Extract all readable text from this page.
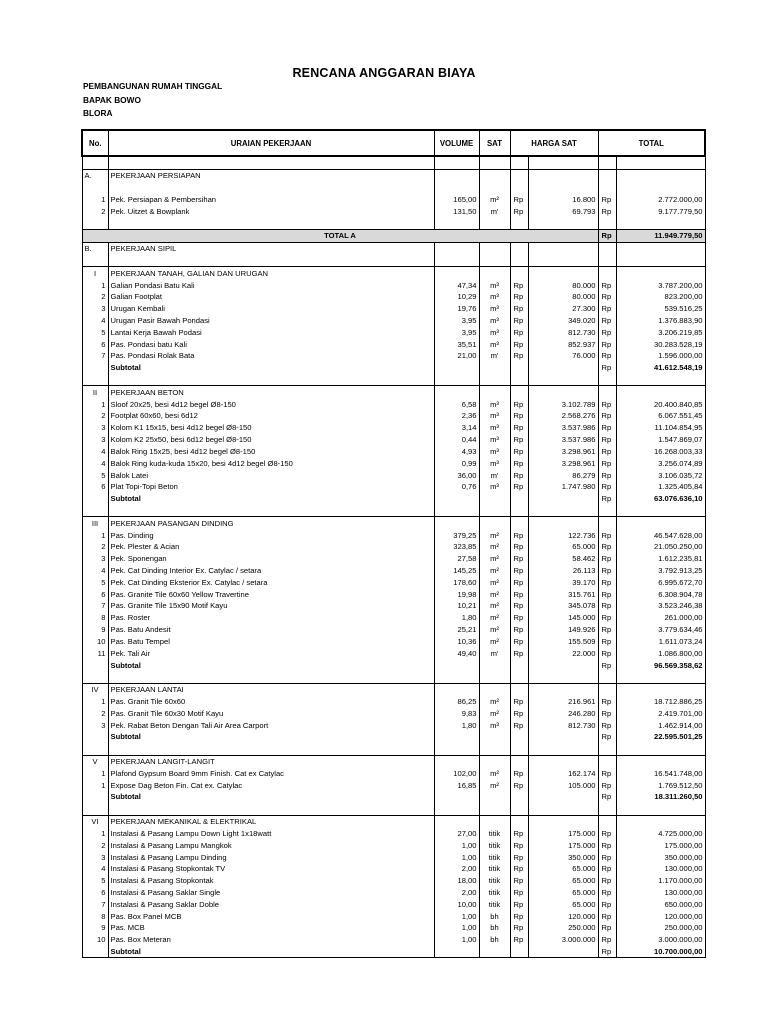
RENCANA ANGGARAN BIAYA
PEMBANGUNAN RUMAH TINGGAL
BAPAK BOWO
BLORA
No.	URAIAN PEKERJAAN	VOLUME	SAT	HARGA SAT		TOTAL	

A.	PEKERJAAN PERSIAPAN						

1	Pek. Persiapan & Pembersihan	165,00	m²	Rp	16.800	Rp	2.772.000,00
2	Pek. Uitzet & Bowplank	131,50	m'	Rp	69.793	Rp	9.177.779,50

TOTAL A						Rp	11.949.779,50
B.	PEKERJAAN SIPIL						

I	PEKERJAAN TANAH, GALIAN DAN URUGAN						
1	Galian Pondasi Batu Kali	47,34	m³	Rp	80.000	Rp	3.787.200,00
2	Galian Footplat	10,29	m³	Rp	80.000	Rp	823.200,00
3	Urugan Kembali	19,76	m³	Rp	27.300	Rp	539.516,25
4	Urugan Pasir Bawah Pondasi	3,95	m³	Rp	349.020	Rp	1.376.883,90
5	Lantai Kerja Bawah Podasi	3,95	m³	Rp	812.730	Rp	3.206.219,85
6	Pas. Pondasi batu Kali	35,51	m³	Rp	852.937	Rp	30.283.528,19
7	Pas. Pondasi Rolak Bata	21,00	m'	Rp	76.000	Rp	1.596.000,00
	Subtotal					Rp	41.612.548,19

II	PEKERJAAN BETON						
1	Sloof 20x25, besi 4d12 begel Ø8-150	6,58	m³	Rp	3.102.789	Rp	20.400.840,85
2	Footplat 60x60, besi 6d12	2,36	m³	Rp	2.568.276	Rp	6.067.551,45
3	Kolom K1 15x15, besi 4d12 begel Ø8-150	3,14	m³	Rp	3.537.986	Rp	11.104.854,95
3	Kolom K2 25x50, besi 6d12 begel Ø8-150	0,44	m³	Rp	3.537.986	Rp	1.547.869,07
4	Balok Ring 15x25, besi 4d12 begel Ø8-150	4,93	m³	Rp	3.298.961	Rp	16.268.003,33
4	Balok Ring kuda-kuda 15x20, besi 4d12 begel Ø8-150	0,99	m³	Rp	3.298.961	Rp	3.256.074,89
5	Balok Latei	36,00	m'	Rp	86.279	Rp	3.106.035,72
6	Plat Topi-Topi Beton	0,76	m³	Rp	1.747.980	Rp	1.325.405,84
	Subtotal					Rp	63.076.636,10

III	PEKERJAAN PASANGAN DINDING						
1	Pas. Dinding	379,25	m²	Rp	122.736	Rp	46.547.628,00
2	Pek. Plester & Acian	323,85	m²	Rp	65.000	Rp	21.050.250,00
3	Pek. Sponengan	27,58	m²	Rp	58.462	Rp	1.612.235,81
4	Pek. Cat Dinding Interior Ex. Catylac / setara	145,25	m²	Rp	26.113	Rp	3.792.913,25
5	Pek. Cat Dinding Eksterior Ex. Catylac / setara	178,60	m²	Rp	39.170	Rp	6.995.672,70
6	Pas. Granite Tile 60x60 Yellow Travertine	19,98	m²	Rp	315.761	Rp	6.308.904,78
7	Pas. Granite Tile 15x90 Motif Kayu	10,21	m²	Rp	345.078	Rp	3.523.246,38
8	Pas. Roster	1,80	m²	Rp	145.000	Rp	261.000,00
9	Pas. Batu Andesit	25,21	m²	Rp	149.926	Rp	3.779.634,46
10	Pas. Batu Tempel	10,36	m²	Rp	155.509	Rp	1.611.073,24
11	Pek. Tali Air	49,40	m'	Rp	22.000	Rp	1.086.800,00
	Subtotal					Rp	96.569.358,62

IV	PEKERJAAN LANTAI						
1	Pas. Granit Tile 60x60	86,25	m²	Rp	216.961	Rp	18.712.886,25
2	Pas. Granit Tile 60x30 Motif Kayu	9,83	m²	Rp	246.280	Rp	2.419.701,00
3	Pek. Rabat Beton Dengan Tali Air Area Carport	1,80	m³	Rp	812.730	Rp	1.462.914,00
	Subtotal					Rp	22.595.501,25

V	PEKERJAAN LANGIT-LANGIT						
1	Plafond Gypsum Board 9mm Finish. Cat ex Catylac	102,00	m²	Rp	162.174	Rp	16.541.748,00
1	Expose Dag Beton Fin. Cat ex. Catylac	16,85	m²	Rp	105.000	Rp	1.769.512,50
	Subtotal					Rp	18.311.260,50

VI	PEKERJAAN MEKANIKAL & ELEKTRIKAL						
1	Instalasi & Pasang Lampu Down Light 1x18watt	27,00	titik	Rp	175.000	Rp	4.725.000,00
2	Instalasi & Pasang Lampu Mangkok	1,00	titik	Rp	175.000	Rp	175.000,00
3	Instalasi & Pasang Lampu Dinding	1,00	titik	Rp	350.000	Rp	350.000,00
4	Instalasi & Pasang Stopkontak TV	2,00	titik	Rp	65.000	Rp	130.000,00
5	Instalasi & Pasang Stopkontak	18,00	titik	Rp	65.000	Rp	1.170.000,00
6	Instalasi & Pasang Saklar Single	2,00	titik	Rp	65.000	Rp	130.000,00
7	Instalasi & Pasang Saklar Doble	10,00	titik	Rp	65.000	Rp	650.000,00
8	Pas. Box Panel MCB	1,00	bh	Rp	120.000	Rp	120.000,00
9	Pas. MCB	1,00	bh	Rp	250.000	Rp	250.000,00
10	Pas. Box Meteran	1,00	bh	Rp	3.000.000	Rp	3.000.000,00
	Subtotal					Rp	10.700.000,00
